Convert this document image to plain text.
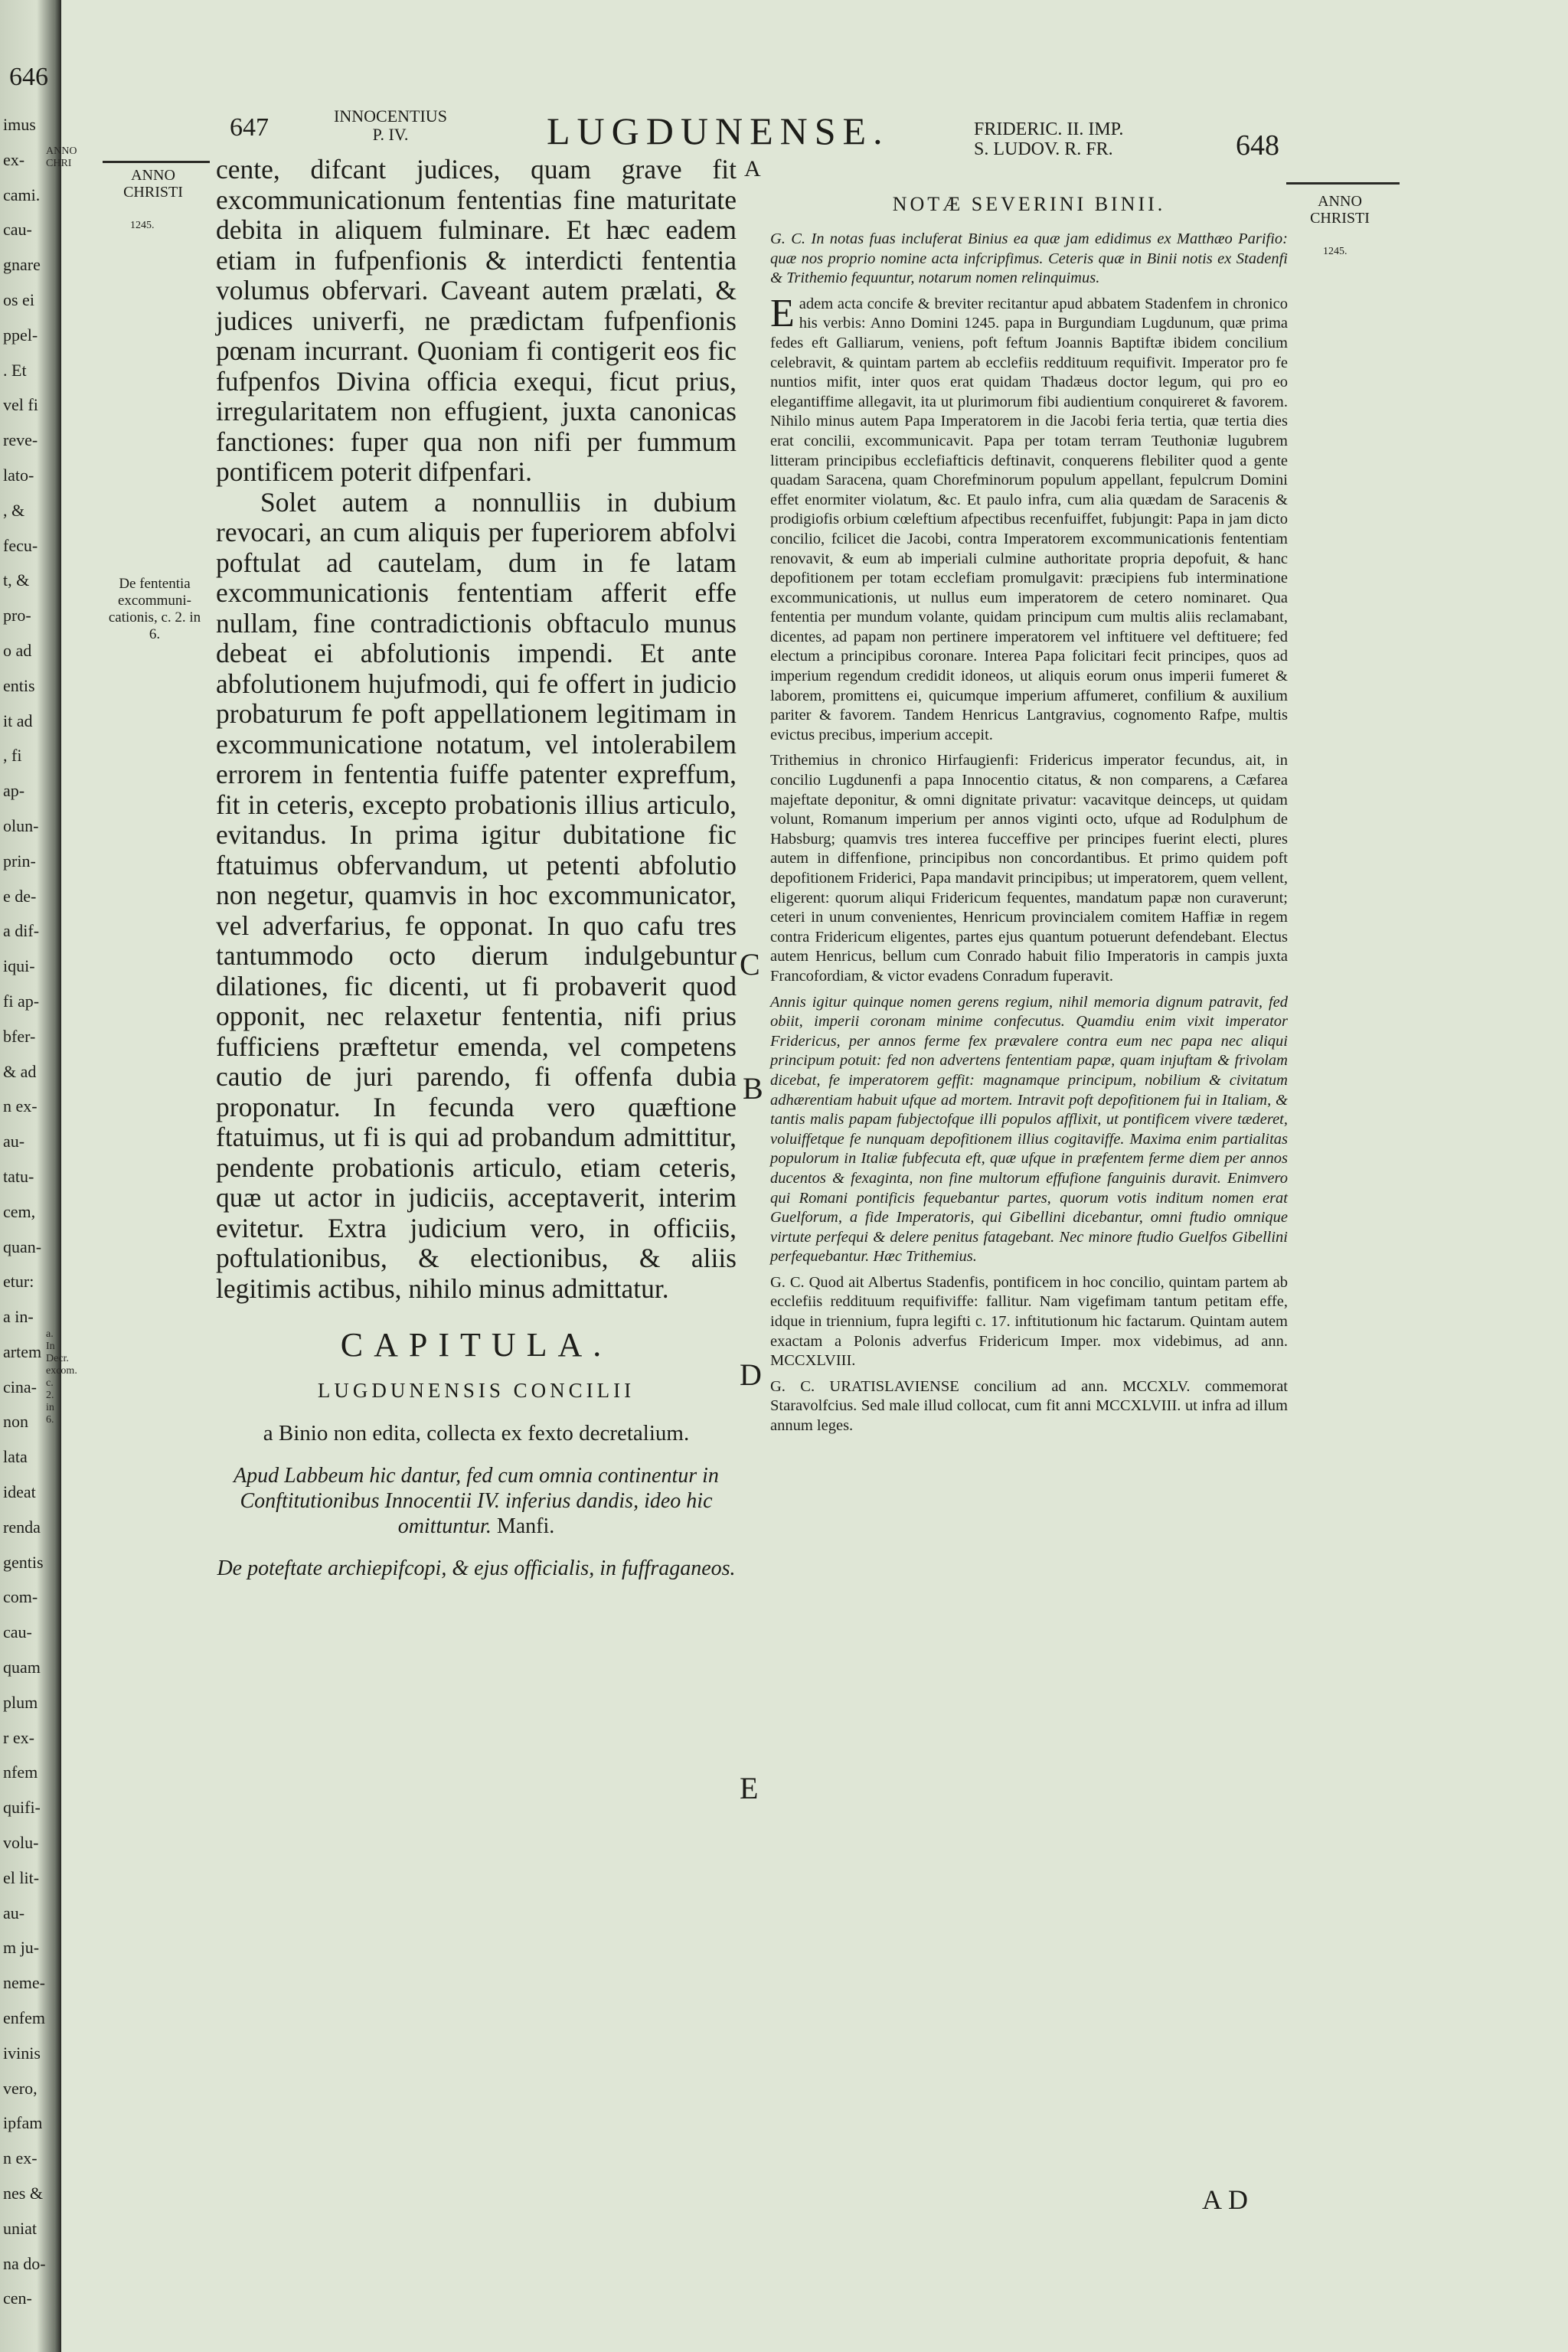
646
imus
ex-
cami.
cau-
gnare
os ei
ppel-
. Et
vel fi
reve-
lato-
, &
fecu-
t, &
pro-
o ad
entis
it ad
, fi
ap-
olun-
prin-
e de-
a dif-
iqui-
fi ap-
bfer-
& ad
n ex-
au-
tatu-
cem,
quan-
etur:
a in-
artem
cina-
non
lata
ideat
renda
gentis
com-
cau-
quam
plum
r ex-
nfem
quifi-
volu-
el lit-
au-
m ju-
neme-
enfem
ivinis
vero,
ipfam
n ex-
nes &
uniat
na do-
cen-
ANNO CHRI
a. In Decr. excom. c. 2. in 6.
647	INNOCENTIUS
P. IV.	LUGDUNENSE.	FRIDERIC. II. IMP.
S. LUDOV. R. FR.	648
ANNO CHRISTI
1245.
ANNO CHRISTI
1245.
De fententia excommuni- cationis, c. 2. in 6.
A
B
C
D
E

cente, difcant judices, quam grave fit excommunicationum fententias fine maturitate debita in aliquem fulminare. Et hæc eadem etiam in fufpenfionis & interdicti fententia volumus obfervari. Caveant autem prælati, & judices univerfi, ne prædictam fufpenfionis pœnam incurrant. Quoniam fi contigerit eos fic fufpenfos Divina officia exequi, ficut prius, irregularitatem non effugient, juxta canonicas fanctiones: fuper qua non nifi per fummum pontificem poterit difpenfari.

Solet autem a nonnulliis in dubium revocari, an cum aliquis per fuperiorem abfolvi poftulat ad cautelam, dum in fe latam excommunicationis fententiam afferit effe nullam, fine contradictionis obftaculo munus debeat ei abfolutionis impendi. Et ante abfolutionem hujufmodi, qui fe offert in judicio probaturum fe poft appellationem legitimam in excommunicatione notatum, vel intolerabilem errorem in fententia fuiffe patenter expreffum, fit in ceteris, excepto probationis illius articulo, evitandus. In prima igitur dubitatione fic ftatuimus obfervandum, ut petenti abfolutio non negetur, quamvis in hoc excommunicator, vel adverfarius, fe opponat. In quo cafu tres tantummodo octo dierum indulgebuntur dilationes, fic dicenti, ut fi probaverit quod opponit, nec relaxetur fententia, nifi prius fufficiens præftetur emenda, vel competens cautio de juri parendo, fi offenfa dubia proponatur. In fecunda vero quæftione ftatuimus, ut fi is qui ad probandum admittitur, pendente probationis articulo, etiam ceteris, quæ ut actor in judiciis, acceptaverit, interim evitetur. Extra judicium vero, in officiis, poftulationibus, & electionibus, & aliis legitimis actibus, nihilo minus admittatur.

CAPITULA.
LUGDUNENSIS CONCILII
a Binio non edita, collecta ex fexto decretalium.
Apud Labbeum hic dantur, fed cum omnia continentur in Conftitutionibus Innocentii IV. inferius dandis, ideo hic omittuntur. Manfi.
De poteftate archiepifcopi, & ejus officialis, in fuffraganeos.
NOTÆ SEVERINI BINII.

G. C. In notas fuas incluferat Binius ea quæ jam edidimus ex Matthæo Parifio: quæ nos proprio nomine acta infcripfimus. Ceteris quæ in Binii notis ex Stadenfi & Trithemio fequuntur, notarum nomen relinquimus.

Eadem acta concife & breviter recitantur apud abbatem Stadenfem in chronico his verbis: Anno Domini 1245. papa in Burgundiam Lugdunum, quæ prima fedes eft Galliarum, veniens, poft feftum Joannis Baptiftæ ibidem concilium celebravit, & quintam partem ab ecclefiis reddituum requifivit. Imperator pro fe nuntios mifit, inter quos erat quidam Thadæus doctor legum, qui pro eo elegantiffime allegavit, ita ut plurimorum fibi audientium conquireret & favorem. Nihilo minus autem Papa Imperatorem in die Jacobi feria tertia, quæ tertia dies erat concilii, excommunicavit. Papa per totam terram Teuthoniæ lugubrem litteram principibus ecclefiafticis deftinavit, conquerens flebiliter quod a gente quadam Saracena, quam Chorefminorum populum appellant, fepulcrum Domini effet enormiter violatum, &c. Et paulo infra, cum alia quædam de Saracenis & prodigiofis orbium cœleftium afpectibus recenfuiffet, fubjungit: Papa in jam dicto concilio, fcilicet die Jacobi, contra Imperatorem excommunicationis fententiam renovavit, & eum ab imperiali culmine authoritate propria depofuit, & hanc depofitionem per totam ecclefiam promulgavit: præcipiens fub interminatione excommunicationis, ut nullus eum imperatorem de cetero nominaret. Qua fententia per mundum volante, quidam principum cum multis aliis reclamabant, dicentes, ad papam non pertinere imperatorem vel inftituere vel deftituere; fed electum a principibus coronare. Interea Papa folicitari fecit principes, quos ad imperium regendum credidit idoneos, ut aliquis eorum onus imperii fumeret & laborem, promittens ei, quicumque imperium affumeret, confilium & auxilium pariter & favorem. Tandem Henricus Lantgravius, cognomento Rafpe, multis evictus precibus, imperium accepit.

Trithemius in chronico Hirfaugienfi: Fridericus imperator fecundus, ait, in concilio Lugdunenfi a papa Innocentio citatus, & non comparens, a Cæfarea majeftate deponitur, & omni dignitate privatur: vacavitque deinceps, ut quidam volunt, Romanum imperium per annos viginti octo, ufque ad Rodulphum de Habsburg; quamvis tres interea fucceffive per principes fuerint electi, plures autem in diffenfione, principibus non concordantibus. Et primo quidem poft depofitionem Friderici, Papa mandavit principibus; ut imperatorem, quem vellent, eligerent: quorum aliqui Fridericum fequentes, mandatum papæ non curaverunt; ceteri in unum convenientes, Henricum provincialem comitem Haffiæ in regem contra Fridericum eligentes, partes ejus quantum potuerunt defendebant. Electus autem Henricus, bellum cum Conrado habuit filio Imperatoris in campis juxta Francofordiam, & victor evadens Conradum fuperavit.

Annis igitur quinque nomen gerens regium, nihil memoria dignum patravit, fed obiit, imperii coronam minime confecutus. Quamdiu enim vixit imperator Fridericus, per annos ferme fex prævalere contra eum nec papa nec aliqui principum potuit: fed non advertens fententiam papæ, quam injuftam & frivolam dicebat, fe imperatorem geffit: magnamque principum, nobilium & civitatum adhærentiam habuit ufque ad mortem. Intravit poft depofitionem fui in Italiam, & tantis malis papam fubjectofque illi populos afflixit, ut pontificem vivere tæderet, voluiffetque fe nunquam depofitionem illius cogitaviffe. Maxima enim partialitas populorum in Italiæ fubfecuta eft, quæ ufque in præfentem ferme diem per annos ducentos & fexaginta, non fine multorum effufione fanguinis duravit. Enimvero qui Romani pontificis fequebantur partes, quorum votis inditum nomen erat Guelforum, a fide Imperatoris, qui Gibellini dicebantur, omni ftudio omnique virtute perfequi & delere penitus fatagebant. Nec minore ftudio Guelfos Gibellini perfequebantur. Hæc Trithemius.

G. C. Quod ait Albertus Stadenfis, pontificem in hoc concilio, quintam partem ab ecclefiis reddituum requifiviffe: fallitur. Nam vigefimam tantum petitam effe, idque in triennium, fupra legifti c. 17. inftitutionum hic factarum. Quintam autem exactam a Polonis adverfus Fridericum Imper. mox videbimus, ad ann. MCCXLVIII.

G. C. URATISLAVIENSE concilium ad ann. MCCXLV. commemorat Staravolfcius. Sed male illud collocat, cum fit anni MCCXLVIII. ut infra ad illum annum leges.

AD
